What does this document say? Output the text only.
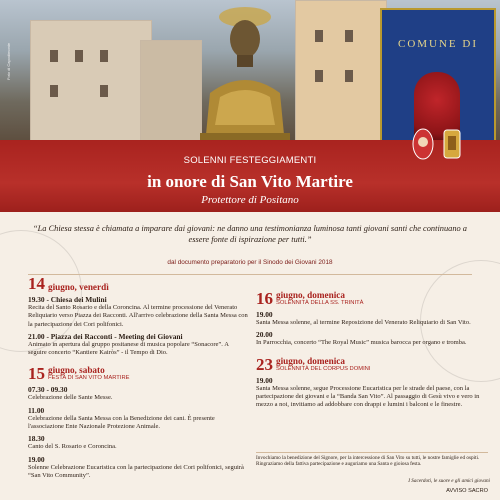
Foto di Capodimonte	COMUNE DI
SOLENNI FESTEGGIAMENTI
in onore di San Vito Martire
Protettore di Positano
“La Chiesa stessa è chiamata a imparare dai giovani: ne danno una testimonianza luminosa tanti giovani santi che continuano a essere fonte di ispirazione per tutti.”
dal documento preparatorio per il Sinodo dei Giovani 2018
14 giugno, venerdì
19.30 - Chiesa dei Mulini

Recita del Santo Rosario e della Coroncina. Al termine processione del Venerato Reliquiario verso Piazza dei Racconti. All'arrivo celebrazione della Santa Messa con la partecipazione dei Cori polifonici.

21.00 - Piazza dei Racconti - Meeting dei Giovani

Animato in apertura dal gruppo positanese di musica popolare “Sonacore”. A seguire concerto “Kantiere Kairòs” - il Tempo di Dio.

15 giugno, sabato
FESTA DI SAN VITO MARTIRE
07.30 - 09.30

Celebrazione delle Sante Messe.

11.00

Celebrazione della Santa Messa con la Benedizione dei cani. È presente l'associazione Ente Nazionale Protezione Animale.

18.30

Canto del S. Rosario e Coroncina.

19.00

Solenne Celebrazione Eucaristica con la partecipazione dei Cori polifonici, seguirà “San Vito Community”.

16 giugno, domenica
SOLENNITÀ DELLA SS. TRINITÀ
19.00

Santa Messa solenne, al termine Reposizione del Venerato Reliquiario di San Vito.

20.00

In Parrocchia, concerto “The Royal Music” musica barocca per organo e tromba.

23 giugno, domenica
SOLENNITÀ DEL CORPUS DOMINI
19.00

Santa Messa solenne, segue Processione Eucaristica per le strade del paese, con la partecipazione dei giovani e la “Banda San Vito”. Al passaggio di Gesù vivo e vero in mezzo a noi, invitiamo ad addobbare con drappi e lumini i balconi e le finestre.

Invochiamo la benedizione del Signore, per la intercessione di San Vito su tutti, le nostre famiglie ed ospiti. Ringraziamo della fattiva partecipazione e auguriamo una Santa e gioiosa festa.
I Sacerdoti, le suore e gli amici giovani
AVVISO SACRO
